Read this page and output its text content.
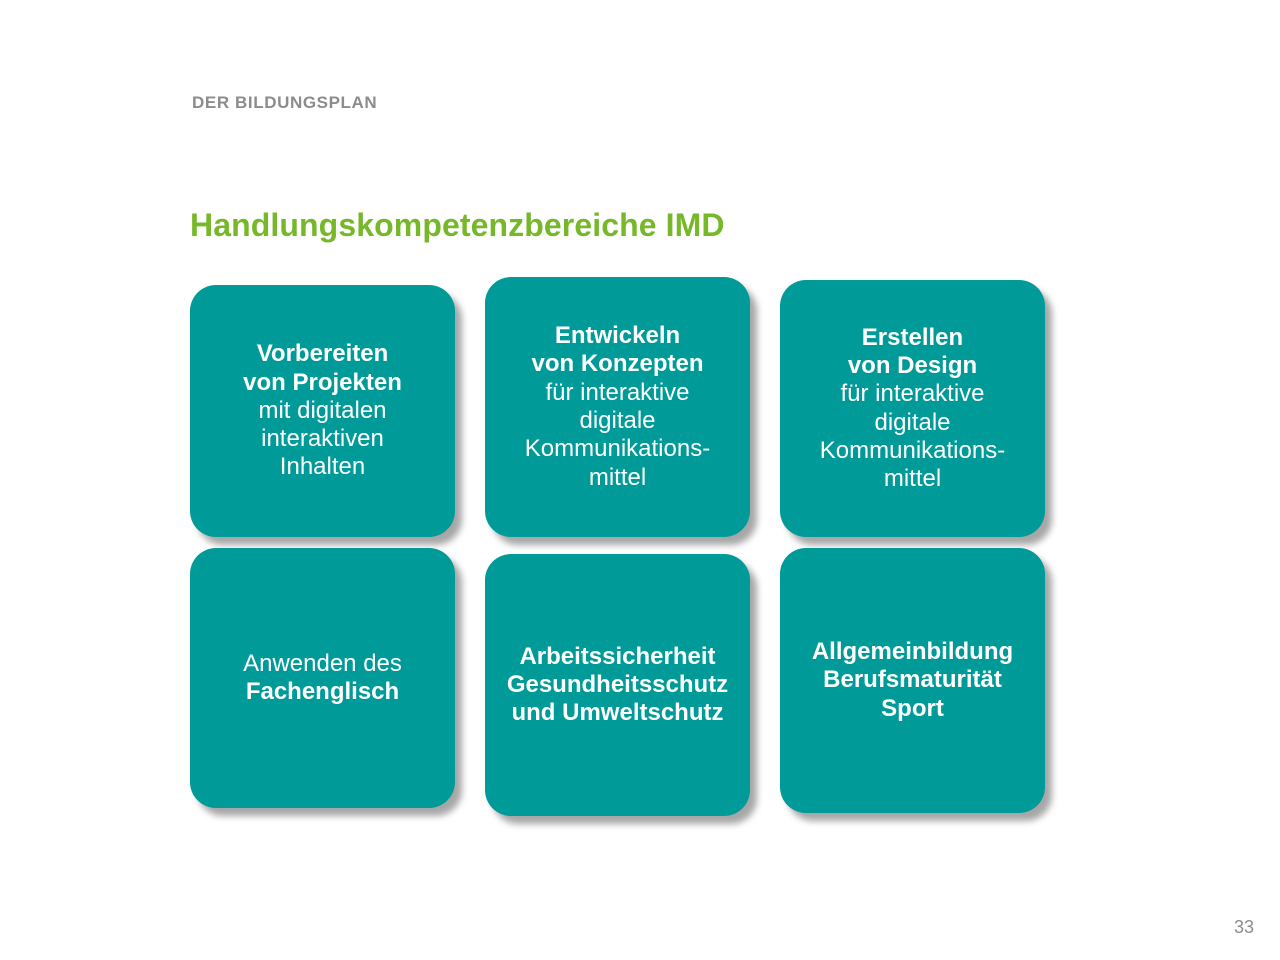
DER BILDUNGSPLAN
Handlungskompetenzbereiche IMD
Vorbereiten
von Projekten
mit digitalen
interaktiven
Inhalten
Entwickeln
von Konzepten
für interaktive
digitale
Kommunikations-
mittel
Erstellen
von Design
für interaktive
digitale
Kommunikations-
mittel
Anwenden des
Fachenglisch
Arbeitssicherheit
Gesundheitsschutz
und Umweltschutz
Allgemeinbildung
Berufsmaturität
Sport
33
